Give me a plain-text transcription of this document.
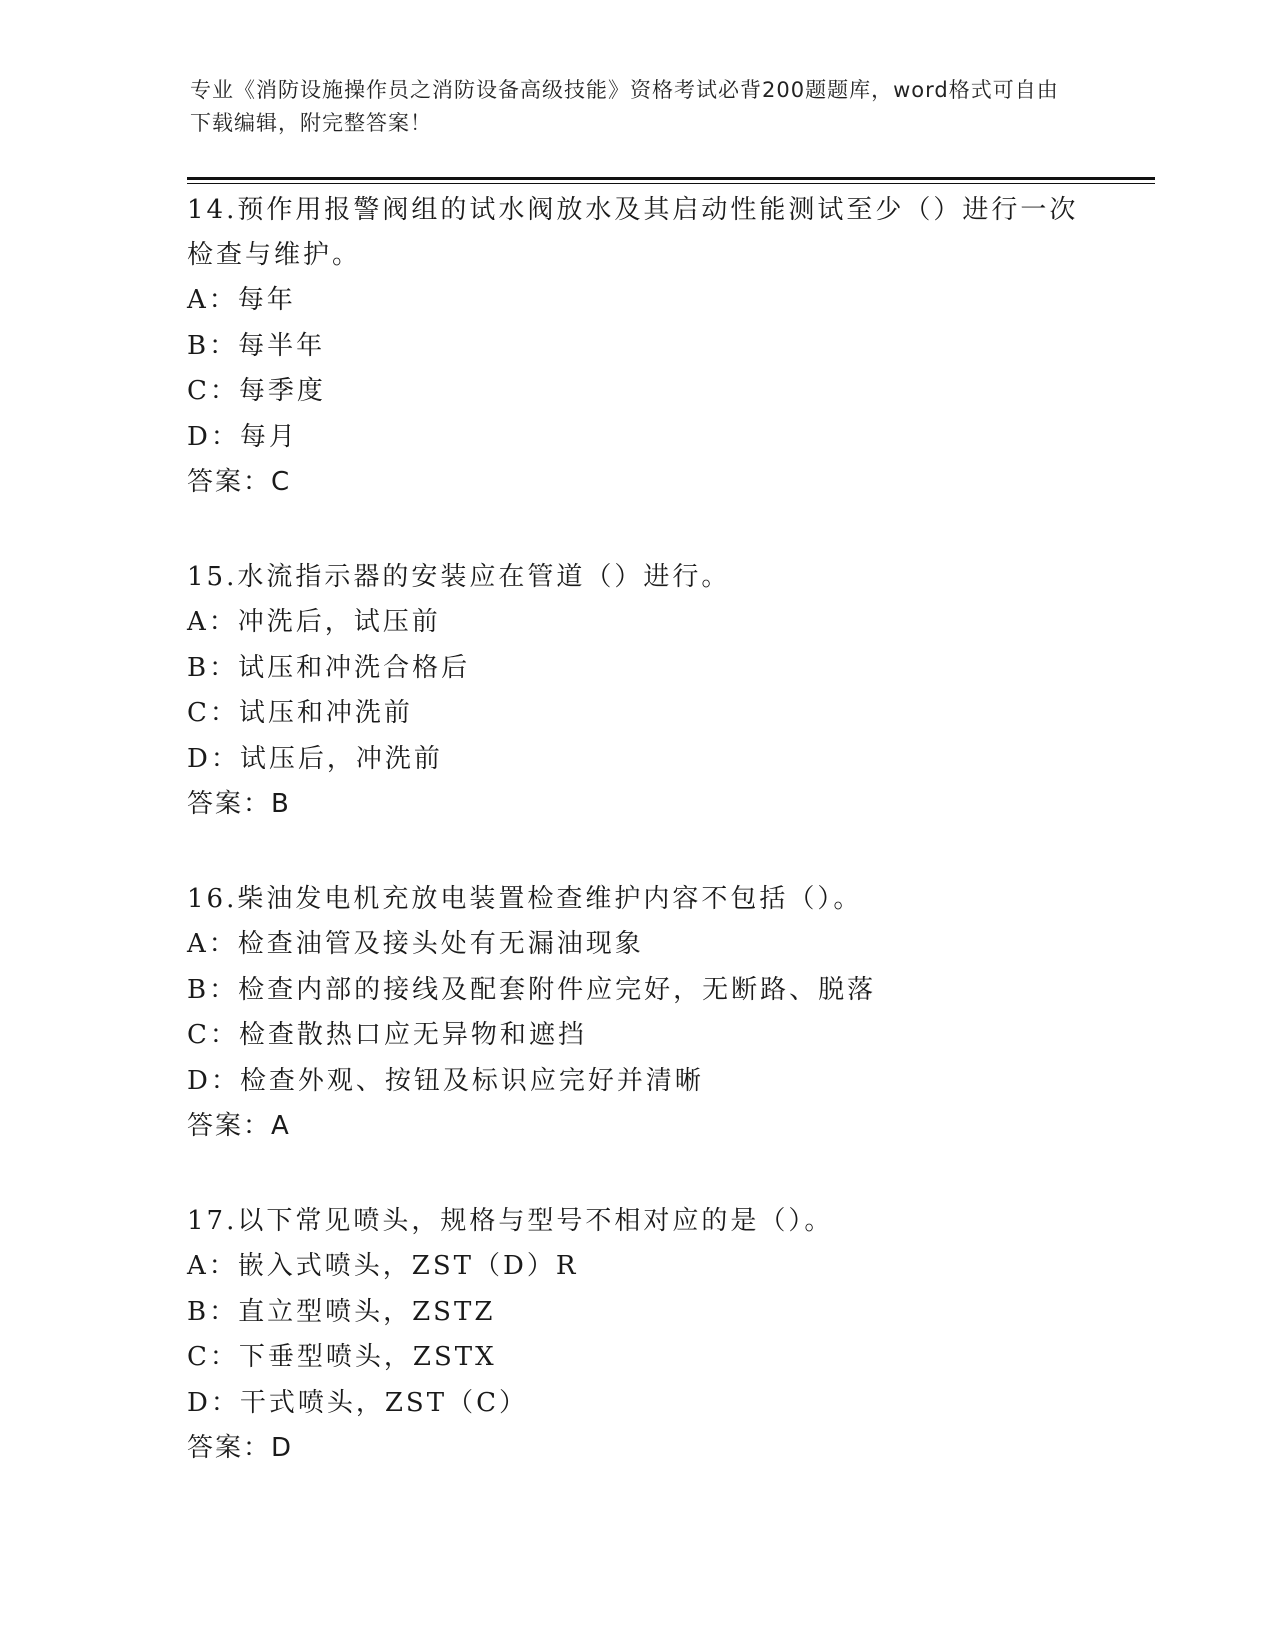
专业《消防设施操作员之消防设备高级技能》资格考试必背200题题库，word格式可自由下载编辑，附完整答案！

14.预作用报警阀组的试水阀放水及其启动性能测试至少（）进行一次检查与维护。

A：每年

B：每半年

C：每季度

D：每月

答案：C

15.水流指示器的安装应在管道（）进行。

A：冲洗后，试压前

B：试压和冲洗合格后

C：试压和冲洗前

D：试压后，冲洗前

答案：B

16.柴油发电机充放电装置检查维护内容不包括（）。

A：检查油管及接头处有无漏油现象

B：检查内部的接线及配套附件应完好，无断路、脱落

C：检查散热口应无异物和遮挡

D：检查外观、按钮及标识应完好并清晰

答案：A

17.以下常见喷头，规格与型号不相对应的是（）。

A：嵌入式喷头，ZST（D）R

B：直立型喷头，ZSTZ

C：下垂型喷头，ZSTX

D：干式喷头，ZST（C）

答案：D
